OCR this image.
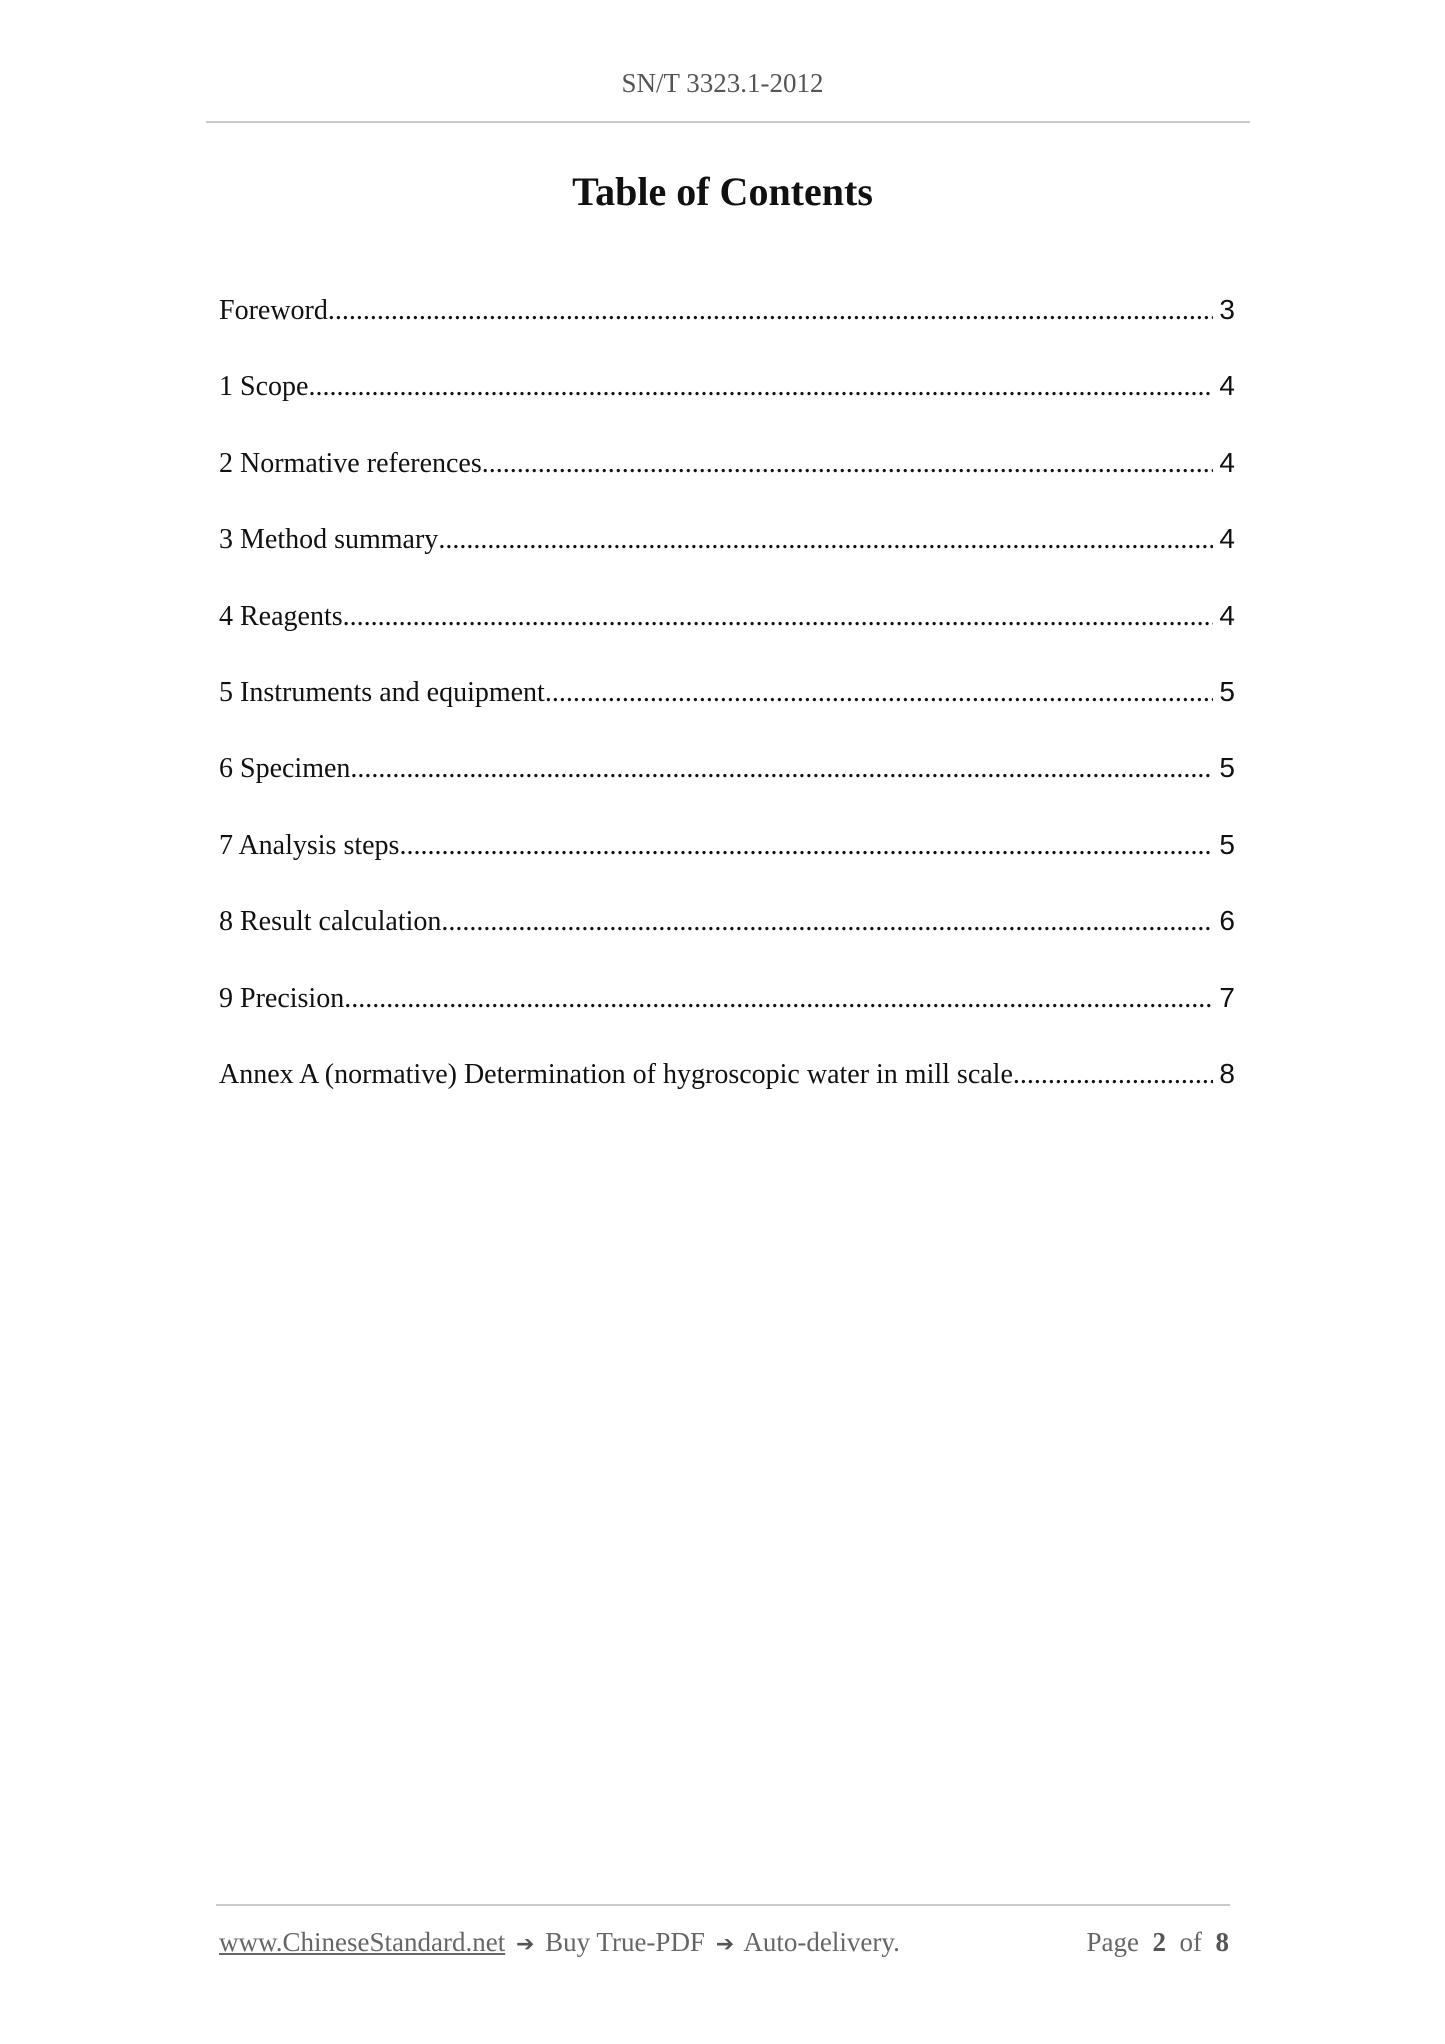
SN/T 3323.1-2012
Table of Contents
Foreword .....	3
1 Scope .....	4
2 Normative references .....	4
3 Method summary .....	4
4 Reagents .....	4
5 Instruments and equipment .....	5
6 Specimen .....	5
7 Analysis steps .....	5
8 Result calculation .....	6
9 Precision .....	7
Annex A (normative) Determination of hygroscopic water in mill scale .....	8
www.ChineseStandard.net ➔ Buy True-PDF ➔ Auto-delivery.	Page 2 of 8
